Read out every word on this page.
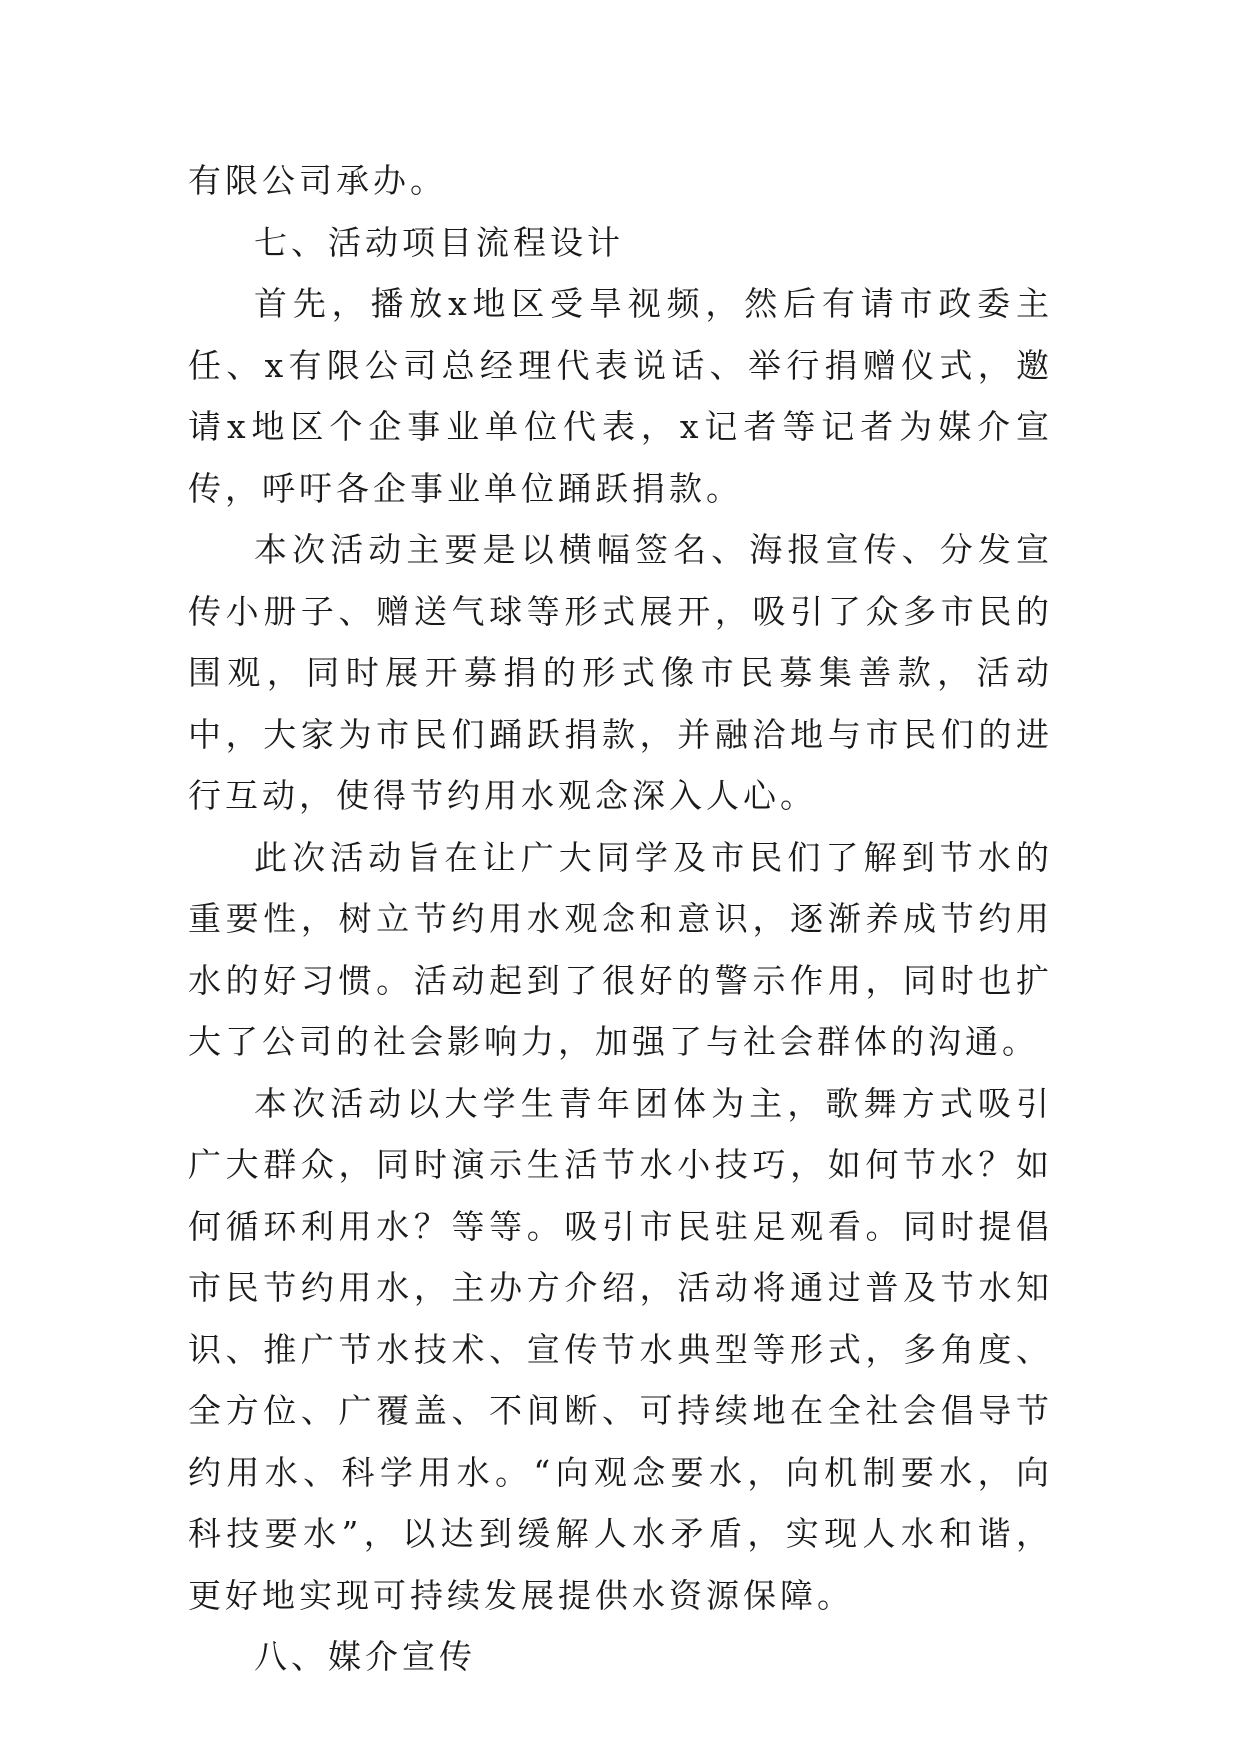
有限公司承办。

七、活动项目流程设计

首先，播放x地区受旱视频，然后有请市政委主任、x有限公司总经理代表说话、举行捐赠仪式，邀请x地区个企事业单位代表，x记者等记者为媒介宣传，呼吁各企事业单位踊跃捐款。

本次活动主要是以横幅签名、海报宣传、分发宣传小册子、赠送气球等形式展开，吸引了众多市民的围观，同时展开募捐的形式像市民募集善款，活动中，大家为市民们踊跃捐款，并融洽地与市民们的进行互动，使得节约用水观念深入人心。

此次活动旨在让广大同学及市民们了解到节水的重要性，树立节约用水观念和意识，逐渐养成节约用水的好习惯。活动起到了很好的警示作用，同时也扩大了公司的社会影响力，加强了与社会群体的沟通。

本次活动以大学生青年团体为主，歌舞方式吸引广大群众，同时演示生活节水小技巧，如何节水？如何循环利用水？等等。吸引市民驻足观看。同时提倡市民节约用水，主办方介绍，活动将通过普及节水知识、推广节水技术、宣传节水典型等形式，多角度、全方位、广覆盖、不间断、可持续地在全社会倡导节约用水、科学用水。“向观念要水，向机制要水，向科技要水”，以达到缓解人水矛盾，实现人水和谐，更好地实现可持续发展提供水资源保障。

八、媒介宣传
